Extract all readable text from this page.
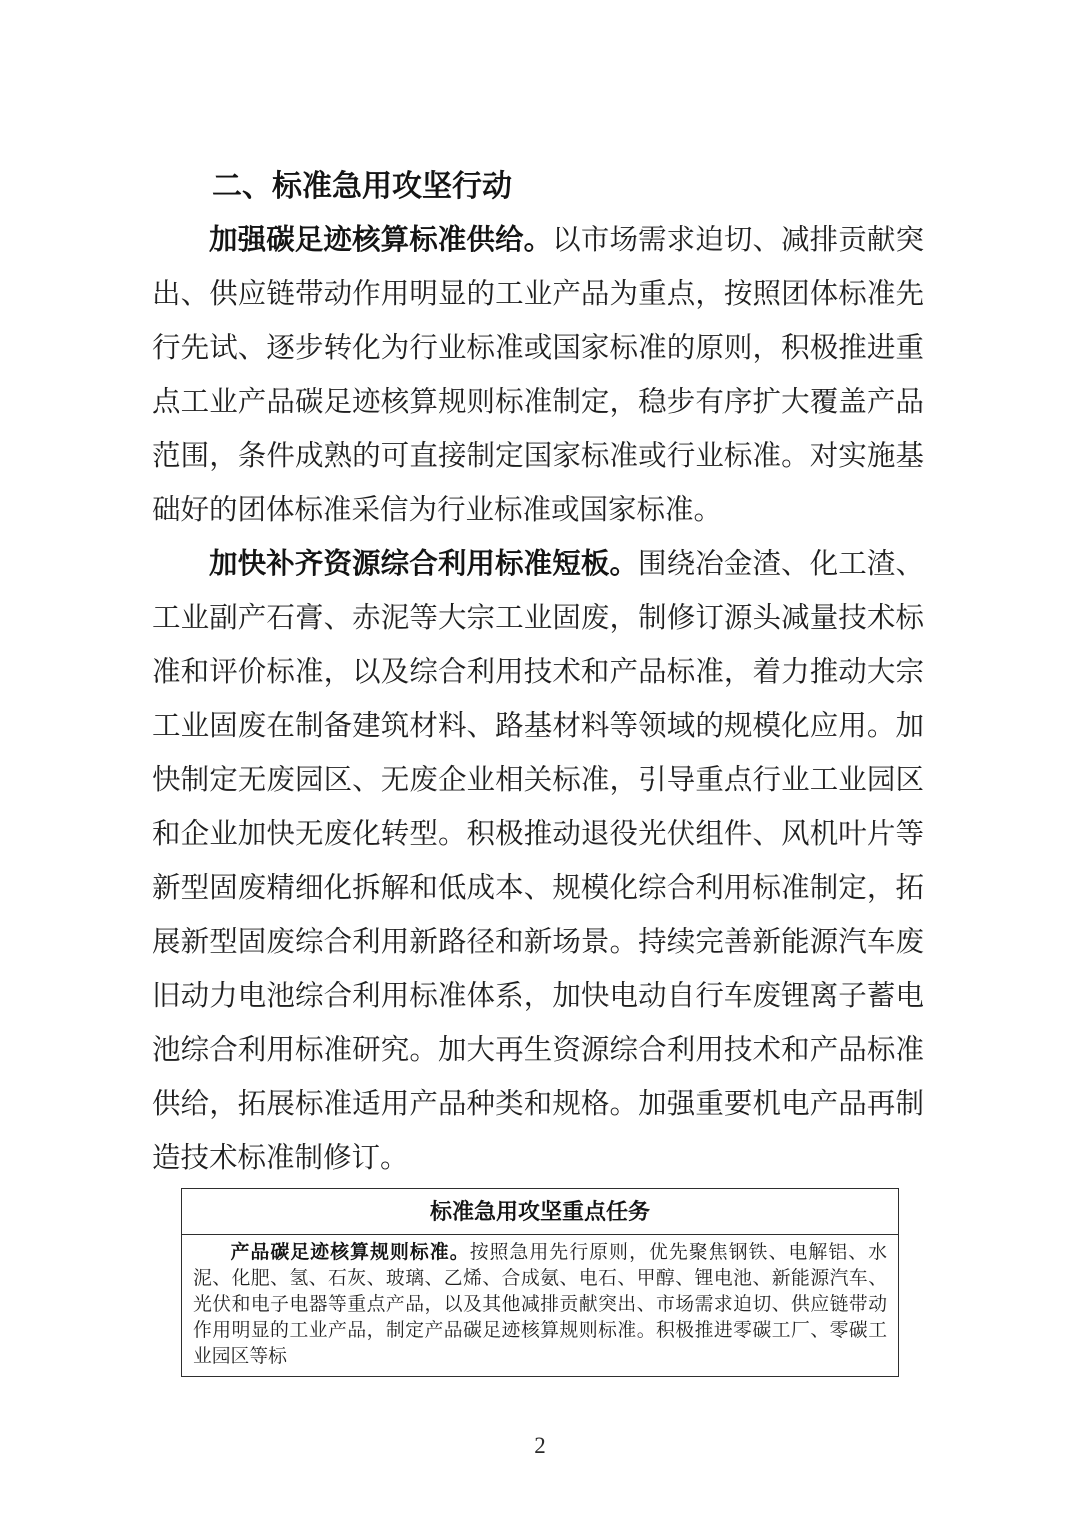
二、标准急用攻坚行动

加强碳足迹核算标准供给。以市场需求迫切、减排贡献突出、供应链带动作用明显的工业产品为重点，按照团体标准先行先试、逐步转化为行业标准或国家标准的原则，积极推进重点工业产品碳足迹核算规则标准制定，稳步有序扩大覆盖产品范围，条件成熟的可直接制定国家标准或行业标准。对实施基础好的团体标准采信为行业标准或国家标准。

加快补齐资源综合利用标准短板。围绕冶金渣、化工渣、工业副产石膏、赤泥等大宗工业固废，制修订源头减量技术标准和评价标准，以及综合利用技术和产品标准，着力推动大宗工业固废在制备建筑材料、路基材料等领域的规模化应用。加快制定无废园区、无废企业相关标准，引导重点行业工业园区和企业加快无废化转型。积极推动退役光伏组件、风机叶片等新型固废精细化拆解和低成本、规模化综合利用标准制定，拓展新型固废综合利用新路径和新场景。持续完善新能源汽车废旧动力电池综合利用标准体系，加快电动自行车废锂离子蓄电池综合利用标准研究。加大再生资源综合利用技术和产品标准供给，拓展标准适用产品种类和规格。加强重要机电产品再制造技术标准制修订。

标准急用攻坚重点任务
产品碳足迹核算规则标准。按照急用先行原则，优先聚焦钢铁、电解铝、水泥、化肥、氢、石灰、玻璃、乙烯、合成氨、电石、甲醇、锂电池、新能源汽车、光伏和电子电器等重点产品，以及其他减排贡献突出、市场需求迫切、供应链带动作用明显的工业产品，制定产品碳足迹核算规则标准。积极推进零碳工厂、零碳工业园区等标
2
